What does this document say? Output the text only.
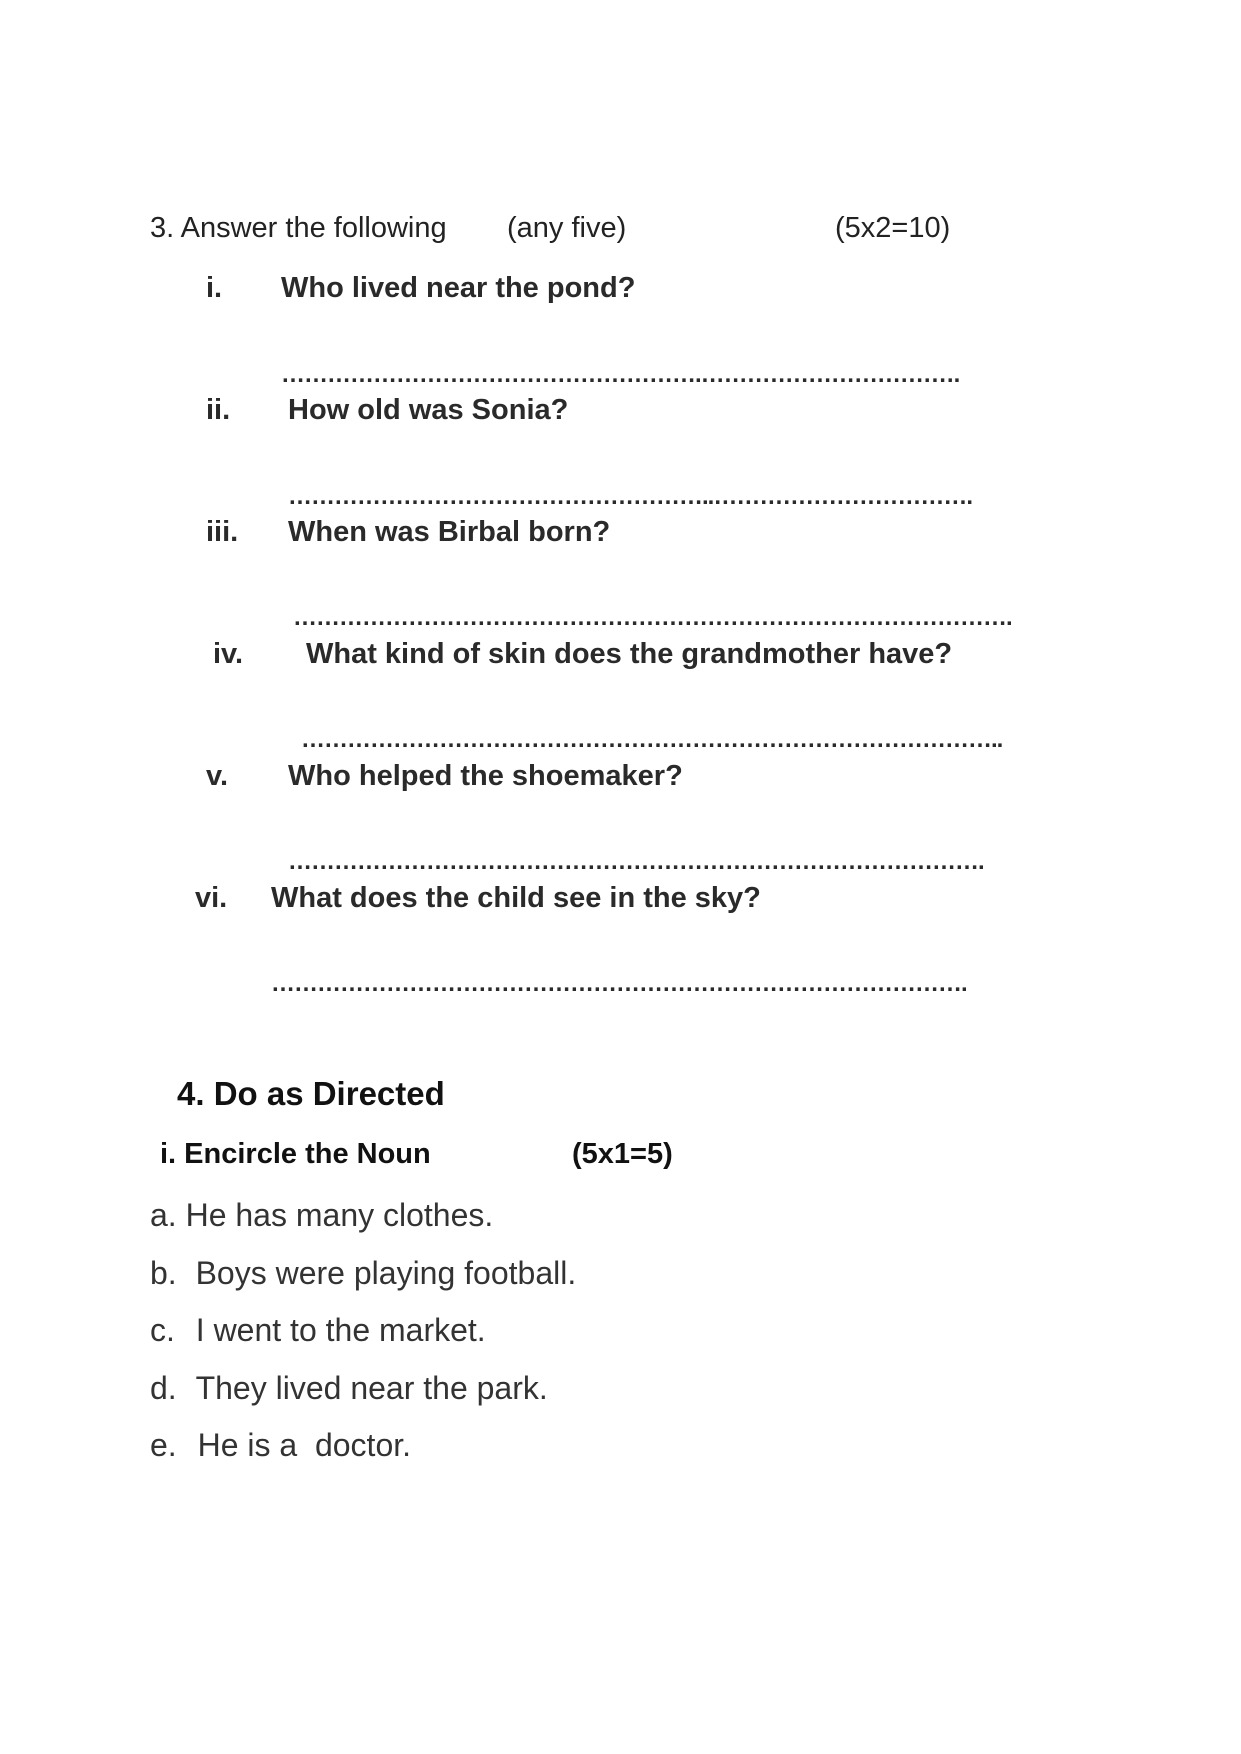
3. Answer the following (any five)	(5x2=10)
i. Who lived near the pond?
……………………………………………….…………………………….
ii. How old was Sonia?
………………………………………………..…………………………….
iii. When was Birbal born?
………………………………………………………………………………….
iv. What kind of skin does the grandmother have?
………………………………………………………………………………..
v. Who helped the shoemaker?
……………………………………………………………………………….
vi. What does the child see in the sky?
……………………………………………………………………………….
4. Do as Directed
i. Encircle the Noun	(5x1=5)
a. He has many clothes.
b. Boys were playing football.
c. I went to the market.
d. They lived near the park.
e. He is a  doctor.
